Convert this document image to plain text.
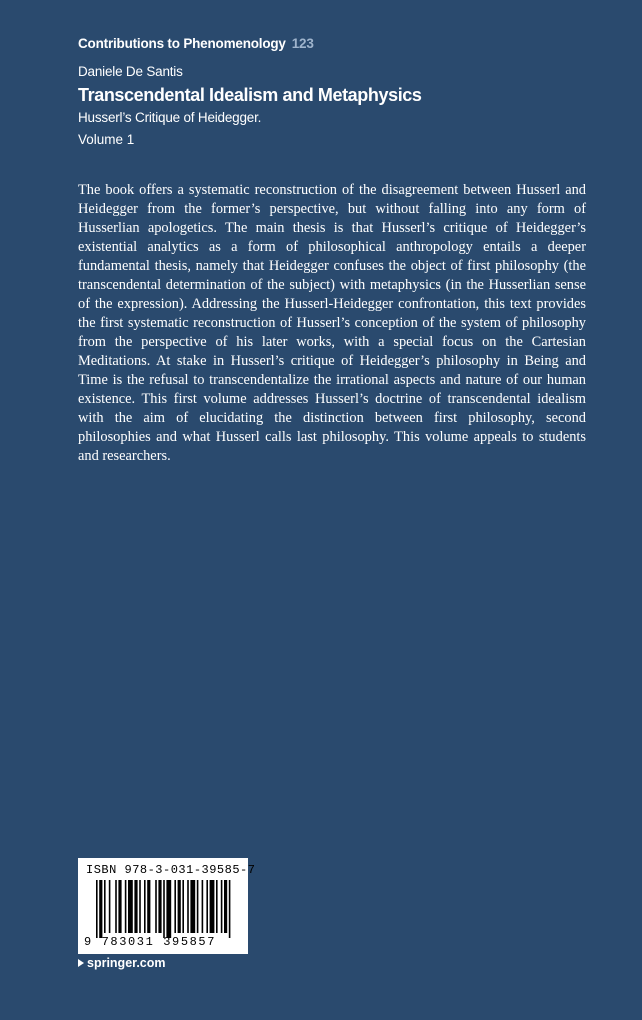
Contributions to Phenomenology 123
Daniele De Santis
Transcendental Idealism and Metaphysics
Husserl’s Critique of Heidegger.
Volume 1

The book offers a systematic reconstruction of the disagreement between Husserl and Heidegger from the former’s perspective, but without falling into any form of Husserlian apologetics. The main thesis is that Husserl’s critique of Heidegger’s existential analytics as a form of philosophical anthropology entails a deeper fundamental thesis, namely that Heidegger confuses the object of first philosophy (the transcendental determination of the subject) with metaphysics (in the Husserlian sense of the expression). Addressing the Husserl-Heidegger confrontation, this text provides the first systematic reconstruction of Husserl’s conception of the system of philosophy from the perspective of his later works, with a special focus on the Cartesian Meditations. At stake in Husserl’s critique of Heidegger’s philosophy in Being and Time is the refusal to transcendentalize the irrational aspects and nature of our human existence. This first volume addresses Husserl’s doctrine of transcendental idealism with the aim of elucidating the distinction between first philosophy, second philosophies and what Husserl calls last philosophy. This volume appeals to students and researchers.

ISBN 978-3-031-39585-7
9 783031 395857
springer.com
